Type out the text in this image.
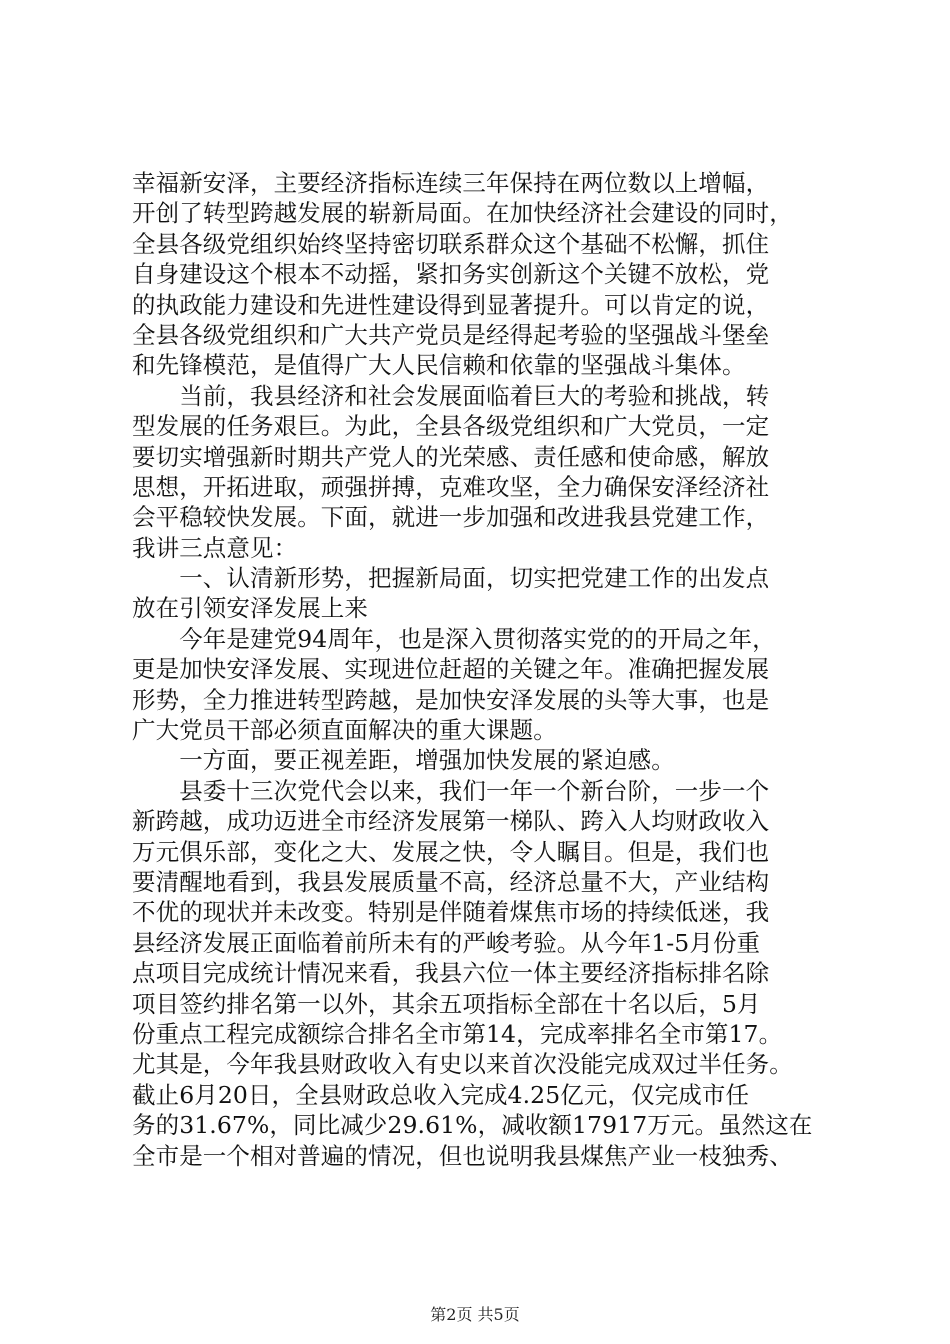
幸福新安泽，主要经济指标连续三年保持在两位数以上增幅，
开创了转型跨越发展的崭新局面。在加快经济社会建设的同时，
全县各级党组织始终坚持密切联系群众这个基础不松懈，抓住
自身建设这个根本不动摇，紧扣务实创新这个关键不放松，党
的执政能力建设和先进性建设得到显著提升。可以肯定的说，
全县各级党组织和广大共产党员是经得起考验的坚强战斗堡垒
和先锋模范，是值得广大人民信赖和依靠的坚强战斗集体。
　　当前，我县经济和社会发展面临着巨大的考验和挑战，转
型发展的任务艰巨。为此，全县各级党组织和广大党员，一定
要切实增强新时期共产党人的光荣感、责任感和使命感，解放
思想，开拓进取，顽强拼搏，克难攻坚，全力确保安泽经济社
会平稳较快发展。下面，就进一步加强和改进我县党建工作，
我讲三点意见：
　　一、认清新形势，把握新局面，切实把党建工作的出发点
放在引领安泽发展上来
　　今年是建党94周年，也是深入贯彻落实党的的开局之年，
更是加快安泽发展、实现进位赶超的关键之年。准确把握发展
形势，全力推进转型跨越，是加快安泽发展的头等大事，也是
广大党员干部必须直面解决的重大课题。
　　一方面，要正视差距，增强加快发展的紧迫感。
　　县委十三次党代会以来，我们一年一个新台阶，一步一个
新跨越，成功迈进全市经济发展第一梯队、跨入人均财政收入
万元俱乐部，变化之大、发展之快，令人瞩目。但是，我们也
要清醒地看到，我县发展质量不高，经济总量不大，产业结构
不优的现状并未改变。特别是伴随着煤焦市场的持续低迷，我
县经济发展正面临着前所未有的严峻考验。从今年1-5月份重
点项目完成统计情况来看，我县六位一体主要经济指标排名除
项目签约排名第一以外，其余五项指标全部在十名以后，5月
份重点工程完成额综合排名全市第14，完成率排名全市第17。
尤其是，今年我县财政收入有史以来首次没能完成双过半任务。
截止6月20日，全县财政总收入完成4.25亿元，仅完成市任
务的31.67%，同比减少29.61%，减收额17917万元。虽然这在
全市是一个相对普遍的情况，但也说明我县煤焦产业一枝独秀、
第2页 共5页
